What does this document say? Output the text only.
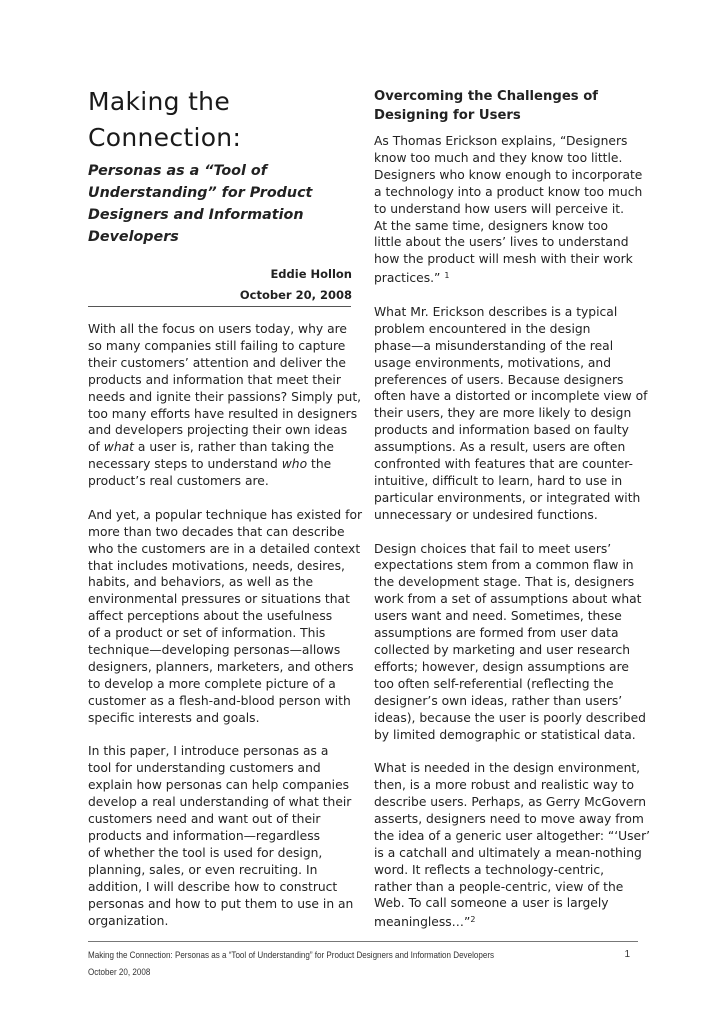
Making the
Connection:
Personas as a “Tool of
Understanding” for Product
Designers and Information
Developers
Eddie Hollon
October 20, 2008

With all the focus on users today, why are
so many companies still failing to capture
their customers’ attention and deliver the
products and information that meet their
needs and ignite their passions? Simply put,
too many efforts have resulted in designers
and developers projecting their own ideas
of what a user is, rather than taking the
necessary steps to understand who the
product’s real customers are.

And yet, a popular technique has existed for
more than two decades that can describe
who the customers are in a detailed context
that includes motivations, needs, desires,
habits, and behaviors, as well as the
environmental pressures or situations that
affect perceptions about the usefulness
of a product or set of information. This
technique—developing personas—allows
designers, planners, marketers, and others
to develop a more complete picture of a
customer as a flesh-and-blood person with
specific interests and goals.

In this paper, I introduce personas as a
tool for understanding customers and
explain how personas can help companies
develop a real understanding of what their
customers need and want out of their
products and information—regardless
of whether the tool is used for design,
planning, sales, or even recruiting. In
addition, I will describe how to construct
personas and how to put them to use in an
organization.

Overcoming the Challenges of
Designing for Users

As Thomas Erickson explains, “Designers
know too much and they know too little.
Designers who know enough to incorporate
a technology into a product know too much
to understand how users will perceive it.
At the same time, designers know too
little about the users’ lives to understand
how the product will mesh with their work
practices.” $^1$

What Mr. Erickson describes is a typical
problem encountered in the design
phase—a misunderstanding of the real
usage environments, motivations, and
preferences of users. Because designers
often have a distorted or incomplete view of
their users, they are more likely to design
products and information based on faulty
assumptions. As a result, users are often
confronted with features that are counter-
intuitive, difficult to learn, hard to use in
particular environments, or integrated with
unnecessary or undesired functions.

Design choices that fail to meet users’
expectations stem from a common flaw in
the development stage. That is, designers
work from a set of assumptions about what
users want and need. Sometimes, these
assumptions are formed from user data
collected by marketing and user research
efforts; however, design assumptions are
too often self-referential (reflecting the
designer’s own ideas, rather than users’
ideas), because the user is poorly described
by limited demographic or statistical data.

What is needed in the design environment,
then, is a more robust and realistic way to
describe users. Perhaps, as Gerry McGovern
asserts, designers need to move away from
the idea of a generic user altogether: “‘User’
is a catchall and ultimately a mean-nothing
word. It reflects a technology-centric,
rather than a people-centric, view of the
Web. To call someone a user is largely
meaningless…”$^2$

Making the Connection: Personas as a “Tool of Understanding” for Product Designers and Information Developers
October 20, 2008
1
